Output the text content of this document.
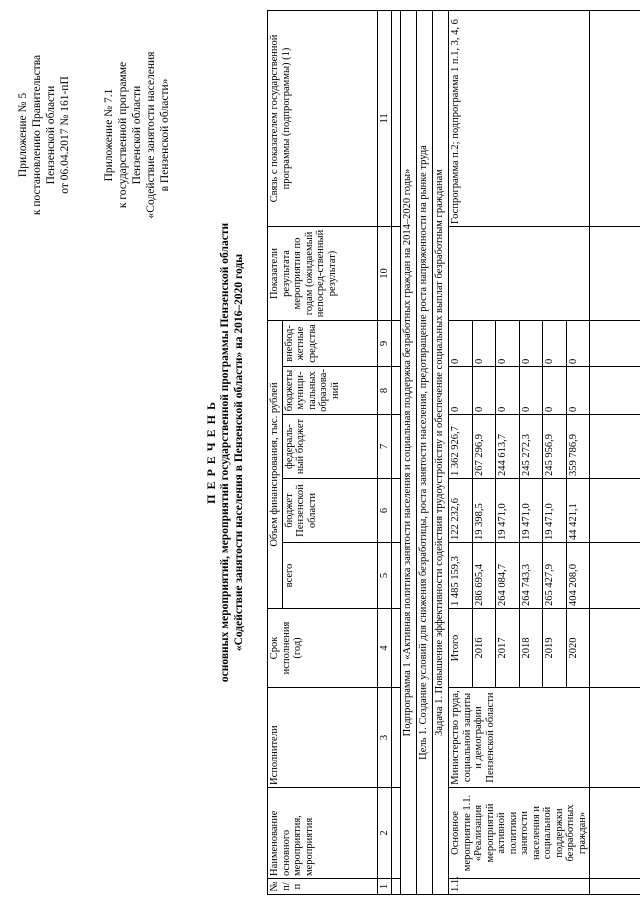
Приложение № 5 к постановлению Правительства Пензенской области от 06.04.2017 № 161-пП	Приложение № 7.1 к государственной программе Пензенской области «Содействие занятости населения в Пензенской области»
П Е Р Е Ч Е Н Ь основных мероприятий, мероприятий государственной программы Пензенской области «Содействие занятости населения в Пензенской области» на 2016–2020 годы
№ п/п	Наименование основного мероприятия, мероприятия	Исполнители	Срок исполнения (год)	Объем финансирования, тыс. рублей					Показатели результата мероприятия по годам (ожидаемый непосред-ственный результат)	Связь с показателем государственной программы (подпрограммы) (1)
				всего	бюджет Пензенской области	федераль-ный бюджет	бюджеты муници-пальных образова-ний	внебюд-жетные средства		
1	2	3	4	5	6	7	8	9	10	11

Подпрограмма 1 «Активная политика занятости населения и социальная поддержка безработных граждан на 2014–2020 годы»										
Цель 1. Создание условий для снижения безработицы, роста занятости населения, предотвращение роста напряженности на рынке труда										
Задача 1. Повышение эффективности содействия трудоустройству и обеспечение социальных выплат безработным гражданам										
1.1.	Основное мероприятие 1.1. «Реализация мероприятий активной политики занятости населения и социальной поддержки безработных граждан»	Министерство труда, социальной защиты и демографии Пензенской области	Итого	1 485 159,3	122 232,6	1 362 926,7	0	0		Госпрограмма п.2; подпрограмма 1 п.1, 3, 4, 6
			2016	286 695,4	19 398,5	267 296,9	0	0		
			2017	264 084,7	19 471,0	244 613,7	0	0		
			2018	264 743,3	19 471,0	245 272,3	0	0		
			2019	265 427,9	19 471,0	245 956,9	0	0		
			2020	404 208,0	44 421,1	359 786,9	0	0		
